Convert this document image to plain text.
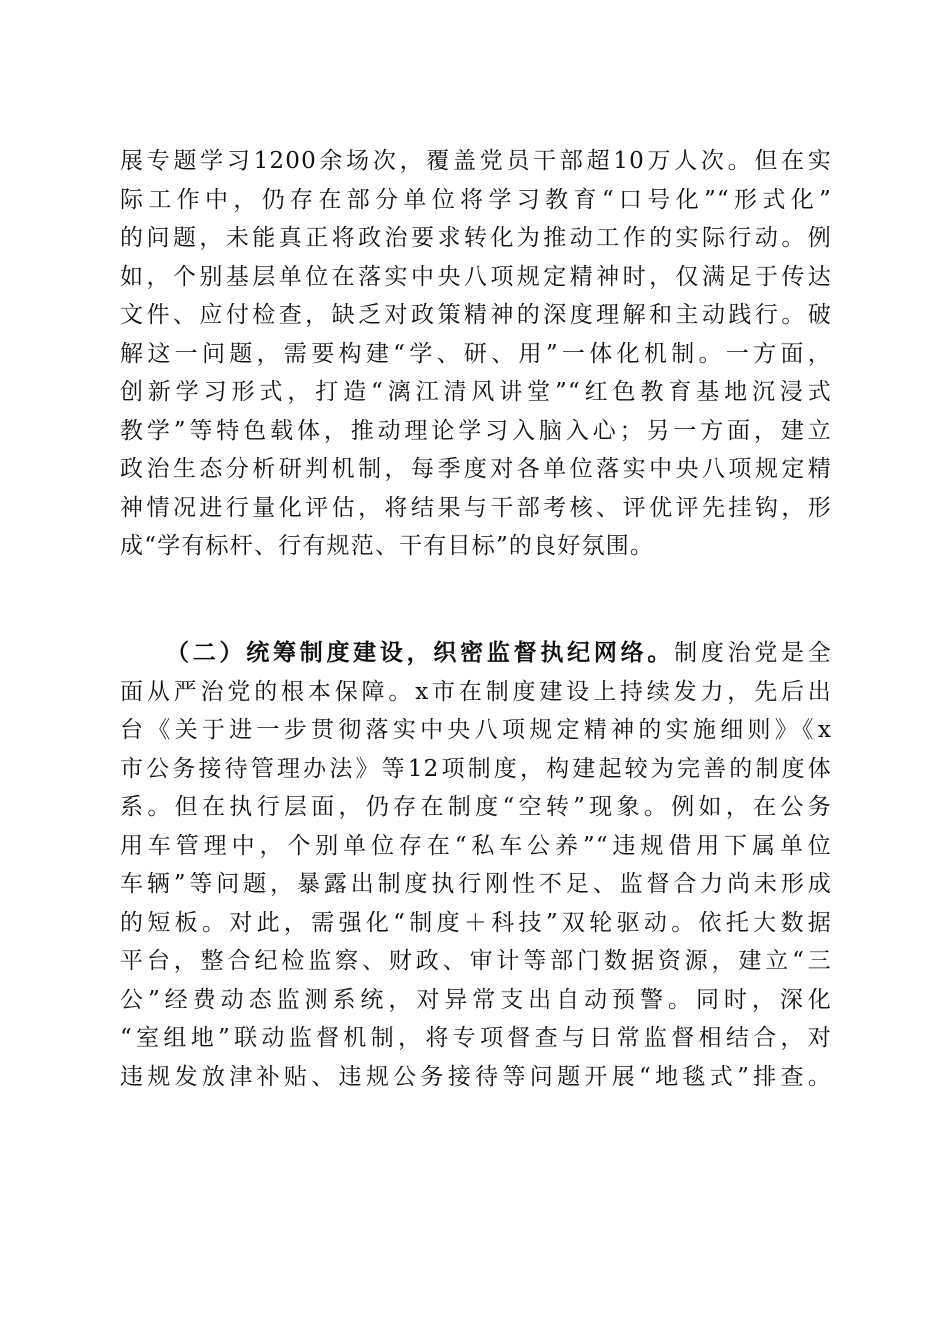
展专题学习1200余场次，覆盖党员干部超10万人次。但在实
际工作中，仍存在部分单位将学习教育“口号化”“形式化”
的问题，未能真正将政治要求转化为推动工作的实际行动。例
如，个别基层单位在落实中央八项规定精神时，仅满足于传达
文件、应付检查，缺乏对政策精神的深度理解和主动践行。破
解这一问题，需要构建“学、研、用”一体化机制。一方面，
创新学习形式，打造“漓江清风讲堂”“红色教育基地沉浸式
教学”等特色载体，推动理论学习入脑入心；另一方面，建立
政治生态分析研判机制，每季度对各单位落实中央八项规定精
神情况进行量化评估，将结果与干部考核、评优评先挂钩，形
成“学有标杆、行有规范、干有目标”的良好氛围。
（二）统筹制度建设，织密监督执纪网络。制度治党是全
面从严治党的根本保障。x市在制度建设上持续发力，先后出
台《关于进一步贯彻落实中央八项规定精神的实施细则》《x
市公务接待管理办法》等12项制度，构建起较为完善的制度体
系。但在执行层面，仍存在制度“空转”现象。例如，在公务
用车管理中，个别单位存在“私车公养”“违规借用下属单位
车辆”等问题，暴露出制度执行刚性不足、监督合力尚未形成
的短板。对此，需强化“制度＋科技”双轮驱动。依托大数据
平台，整合纪检监察、财政、审计等部门数据资源，建立“三
公”经费动态监测系统，对异常支出自动预警。同时，深化
“室组地”联动监督机制，将专项督查与日常监督相结合，对
违规发放津补贴、违规公务接待等问题开展“地毯式”排查。
